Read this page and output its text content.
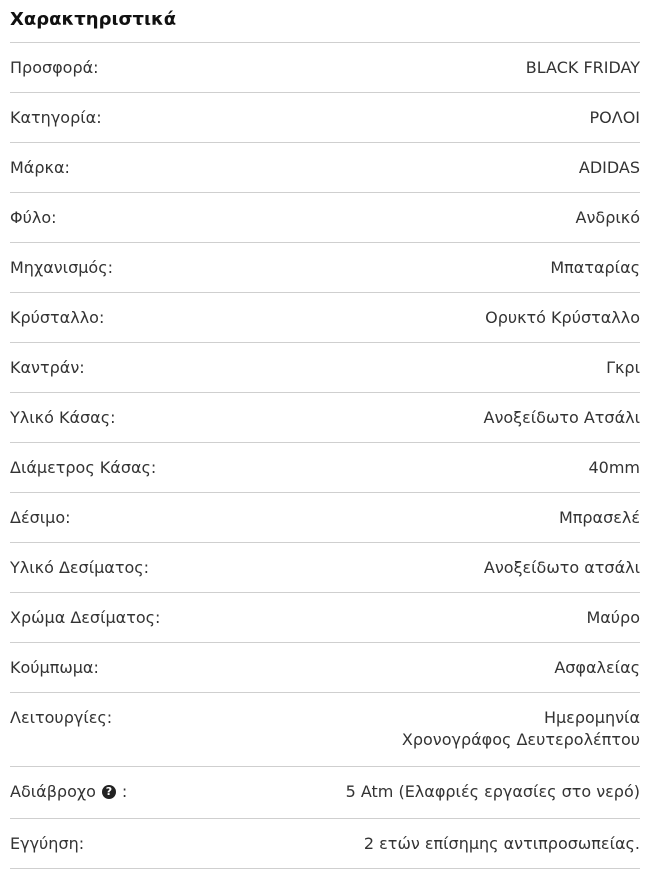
Χαρακτηριστικά
Προσφορά:	BLACK FRIDAY
Κατηγορία:	ΡΟΛΟΙ
Μάρκα:	ADIDAS
Φύλο:	Ανδρικό
Μηχανισμός:	Μπαταρίας
Κρύσταλλο:	Ορυκτό Κρύσταλλο
Καντράν:	Γκρι
Υλικό Κάσας:	Ανοξείδωτο Ατσάλι
Διάμετρος Κάσας:	40mm
Δέσιμο:	Μπρασελέ
Υλικό Δεσίματος:	Ανοξείδωτο ατσάλι
Χρώμα Δεσίματος:	Μαύρο
Κούμπωμα:	Ασφαλείας
Λειτουργίες:	Ημερομηνία
Χρονογράφος Δευτερολέπτου
Αδιάβροχο ? :	5 Atm (Ελαφριές εργασίες στο νερό)
Εγγύηση:	2 ετών επίσημης αντιπροσωπείας.
